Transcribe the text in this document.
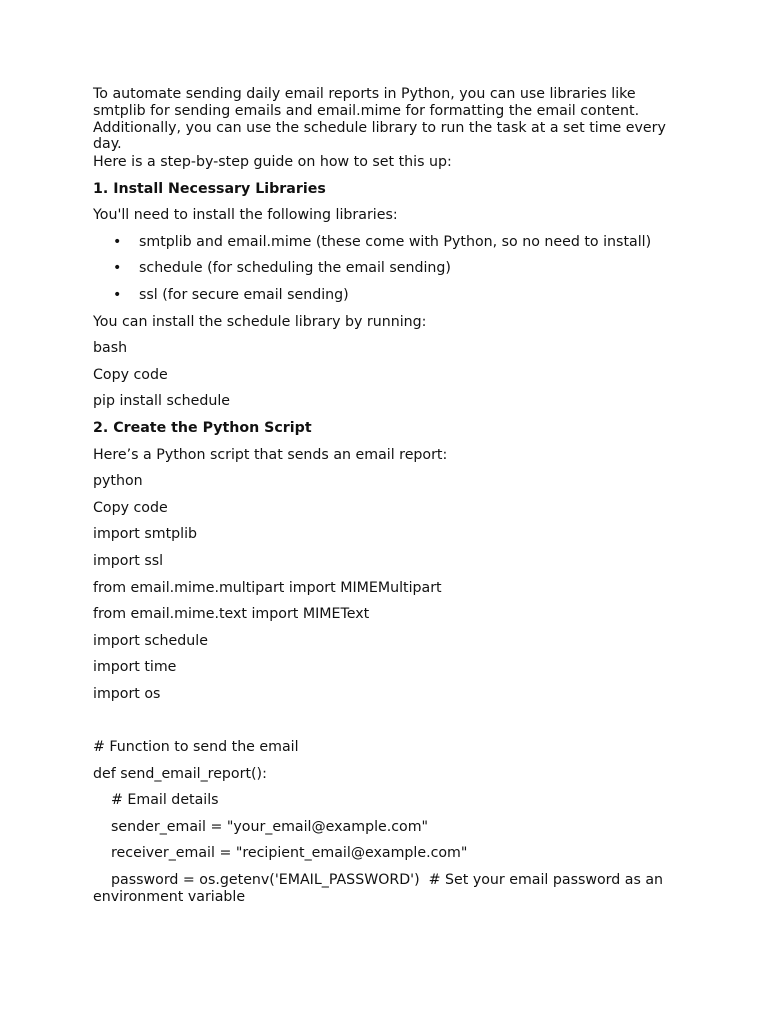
To automate sending daily email reports in Python, you can use libraries like smtplib for sending emails and email.mime for formatting the email content. Additionally, you can use the schedule library to run the task at a set time every day.

Here is a step-by-step guide on how to set this up:

1. Install Necessary Libraries

You'll need to install the following libraries:

• smtplib and email.mime (these come with Python, so no need to install)
• schedule (for scheduling the email sending)
• ssl (for secure email sending)

You can install the schedule library by running:

bash

Copy code

pip install schedule

2. Create the Python Script

Here’s a Python script that sends an email report:

python

Copy code

import smtplib

import ssl

from email.mime.multipart import MIMEMultipart

from email.mime.text import MIMEText

import schedule

import time

import os

# Function to send the email

def send_email_report():

# Email details

sender_email = "your_email@example.com"

receiver_email = "recipient_email@example.com"

password = os.getenv('EMAIL_PASSWORD')  # Set your email password as an environment variable
